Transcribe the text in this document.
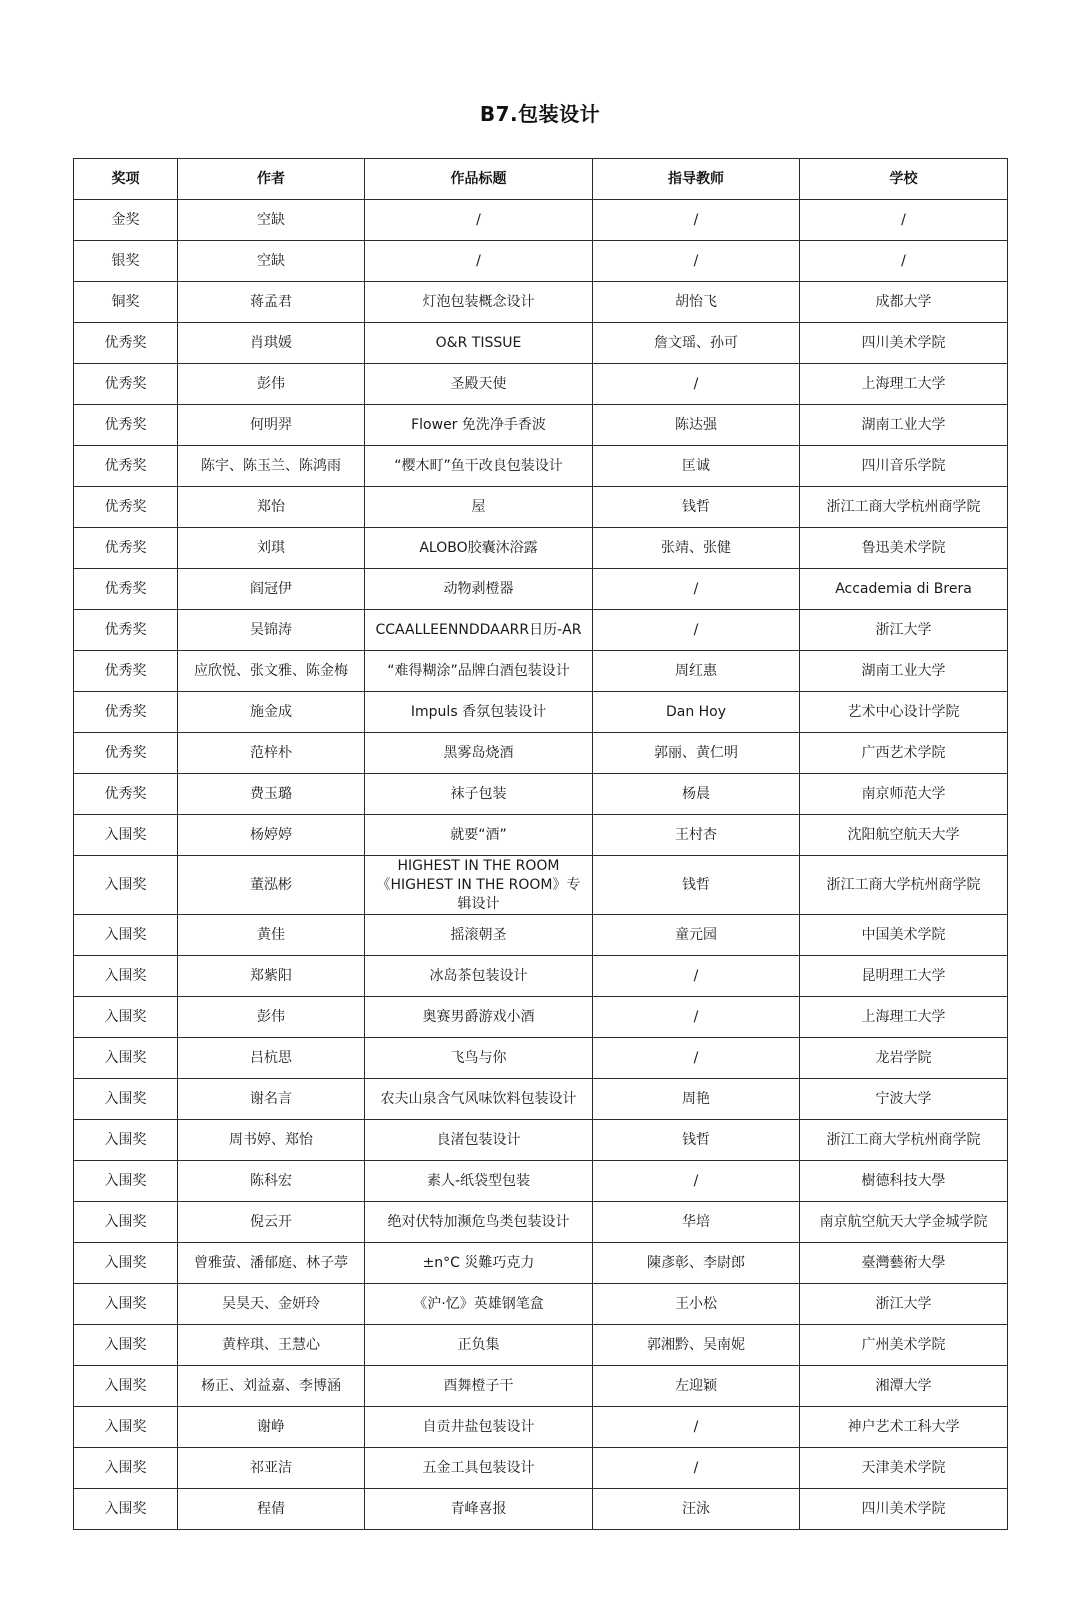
B7.包装设计
奖项	作者	作品标题	指导教师	学校
金奖	空缺	/	/	/
银奖	空缺	/	/	/
铜奖	蒋孟君	灯泡包装概念设计	胡怡飞	成都大学
优秀奖	肖琪媛	O&R TISSUE	詹文瑶、孙可	四川美术学院
优秀奖	彭伟	圣殿天使	/	上海理工大学
优秀奖	何明羿	Flower 免洗净手香波	陈达强	湖南工业大学
优秀奖	陈宇、陈玉兰、陈鸿雨	“樱木町”鱼干改良包装设计	匡诚	四川音乐学院
优秀奖	郑怡	屋	钱哲	浙江工商大学杭州商学院
优秀奖	刘琪	ALOBO胶囊沐浴露	张靖、张健	鲁迅美术学院
优秀奖	阎冠伊	动物剥橙器	/	Accademia di Brera
优秀奖	吴锦涛	CCAALLEENNDDAARR日历-AR	/	浙江大学
优秀奖	应欣悦、张文雅、陈金梅	“难得糊涂”品牌白酒包装设计	周红惠	湖南工业大学
优秀奖	施金成	Impuls 香氛包装设计	Dan Hoy	艺术中心设计学院
优秀奖	范梓朴	黑雾岛烧酒	郭丽、黄仁明	广西艺术学院
优秀奖	费玉璐	袜子包装	杨晨	南京师范大学
入围奖	杨婷婷	就要“酒”	王村杏	沈阳航空航天大学
入围奖	董泓彬	HIGHEST IN THE ROOM《HIGHEST IN THE ROOM》专辑设计	钱哲	浙江工商大学杭州商学院
入围奖	黄佳	摇滚朝圣	童元园	中国美术学院
入围奖	郑紫阳	冰岛茶包装设计	/	昆明理工大学
入围奖	彭伟	奥赛男爵游戏小酒	/	上海理工大学
入围奖	吕杭思	飞鸟与你	/	龙岩学院
入围奖	谢名言	农夫山泉含气风味饮料包装设计	周艳	宁波大学
入围奖	周书婷、郑怡	良渚包装设计	钱哲	浙江工商大学杭州商学院
入围奖	陈科宏	素人-纸袋型包装	/	樹德科技大學
入围奖	倪云开	绝对伏特加濒危鸟类包装设计	华培	南京航空航天大学金城学院
入围奖	曾雅萤、潘郁庭、林子葶	±n°C 災難巧克力	陳彥彰、李尉郎	臺灣藝術大學
入围奖	吴昊天、金妍玲	《沪·忆》英雄钢笔盒	王小松	浙江大学
入围奖	黄梓琪、王慧心	正负集	郭湘黔、吴南妮	广州美术学院
入围奖	杨正、刘益嘉、李博涵	酉舞橙子干	左迎颖	湘潭大学
入围奖	谢峥	自贡井盐包装设计	/	神户艺术工科大学
入围奖	祁亚洁	五金工具包装设计	/	天津美术学院
入围奖	程倩	青峰喜报	汪泳	四川美术学院
